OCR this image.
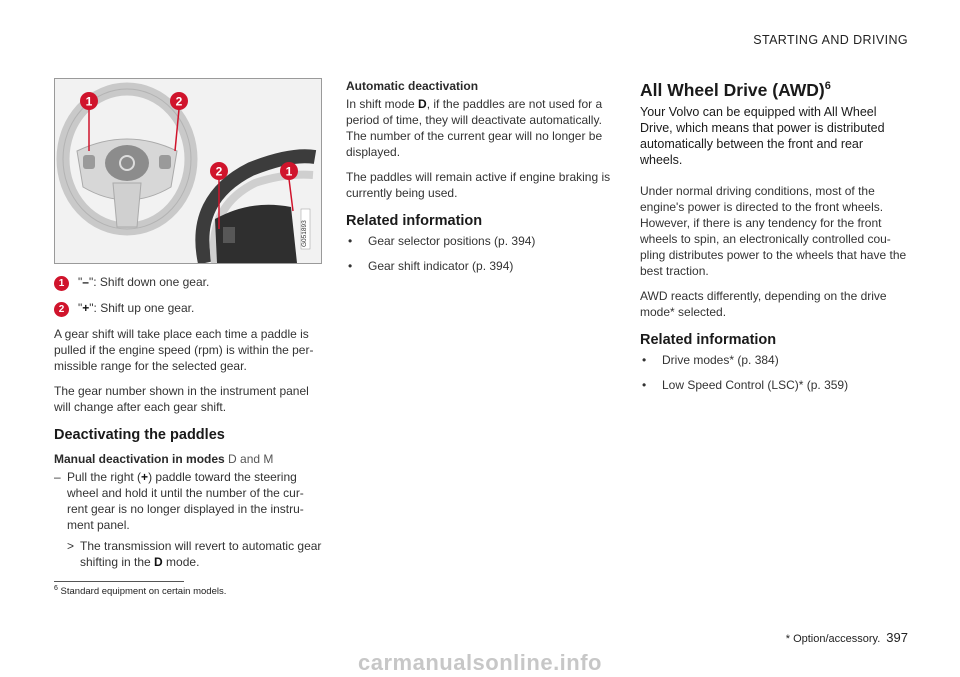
STARTING AND DRIVING
G051893
1	2
2	1
1	"–": Shift down one gear.
2	"+": Shift up one gear.

A gear shift will take place each time a paddle is pulled if the engine speed (rpm) is within the per-missible range for the selected gear.

The gear number shown in the instrument panel will change after each gear shift.

Deactivating the paddles
Manual deactivation in modes D and M
– Pull the right (+) paddle toward the steering wheel and hold it until the number of the cur-rent gear is no longer displayed in the instru-ment panel.
> The transmission will revert to automatic gear shifting in the D mode.
Automatic deactivation

In shift mode D, if the paddles are not used for a period of time, they will deactivate automatically. The number of the current gear will no longer be displayed.

The paddles will remain active if engine braking is currently being used.

Related information
• Gear selector positions (p. 394)
• Gear shift indicator (p. 394)
All Wheel Drive (AWD)$^6$

Your Volvo can be equipped with All Wheel Drive, which means that power is distributed automatically between the front and rear wheels.

Under normal driving conditions, most of the engine's power is directed to the front wheels. However, if there is any tendency for the front wheels to spin, an electronically controlled cou-pling distributes power to the wheels that have the best traction.

AWD reacts differently, depending on the drive mode* selected.

Related information
• Drive modes* (p. 384)
• Low Speed Control (LSC)* (p. 359)
$^6$ Standard equipment on certain models.
* Option/accessory. 397
carmanualsonline.info
